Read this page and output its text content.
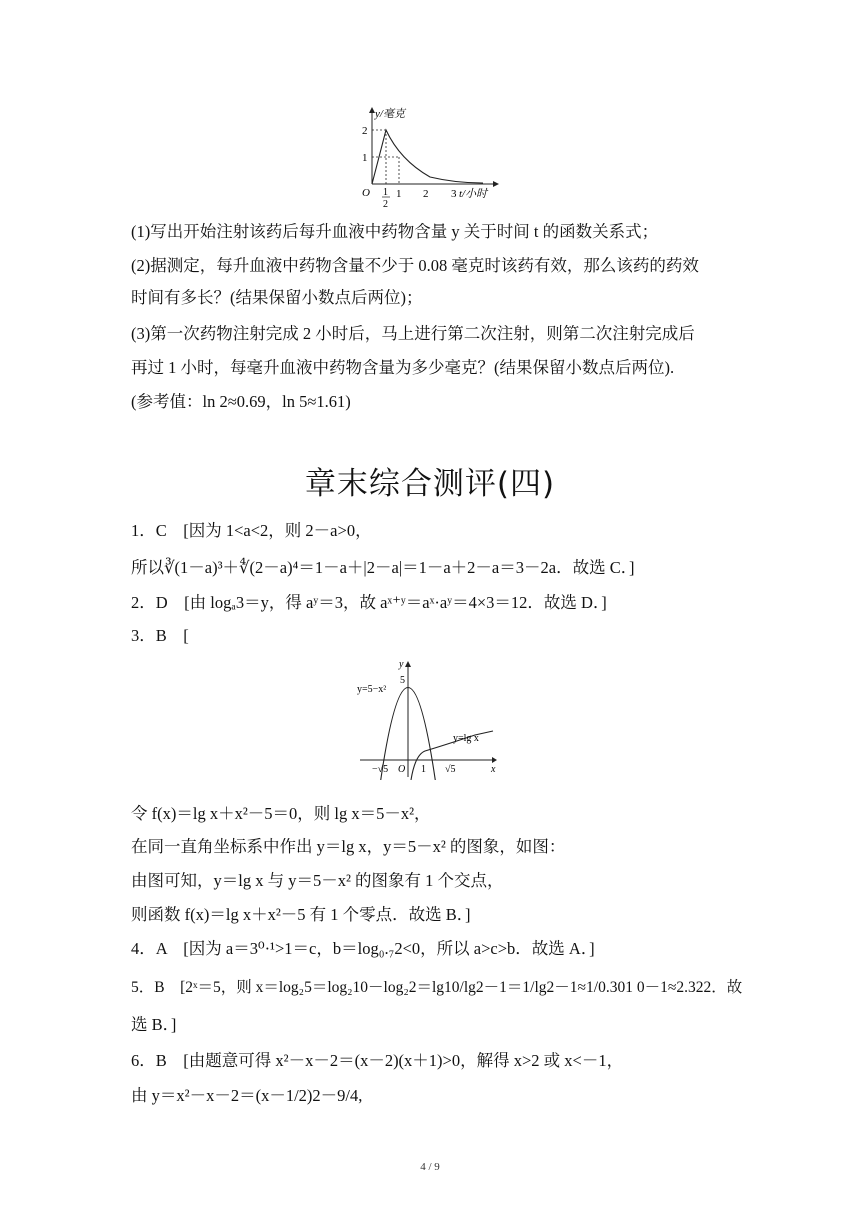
y/毫克
2
1
O 1
2
1 2 3 t/小时
(1)写出开始注射该药后每升血液中药物含量 y 关于时间 t 的函数关系式；
(2)据测定，每升血液中药物含量不少于 0.08 毫克时该药有效，那么该药的药效
时间有多长？(结果保留小数点后两位)；
(3)第一次药物注射完成 2 小时后，马上进行第二次注射，则第二次注射完成后
再过 1 小时，每毫升血液中药物含量为多少毫克？(结果保留小数点后两位).
(参考值：ln 2≈0.69，ln 5≈1.61)
章末综合测评(四)
1．C　[因为 1<a<2，则 2－a>0，
所以∛(1－a)³＋∜(2－a)⁴＝1－a＋|2－a|＝1－a＋2－a＝3－2a．故选 C．]
2．D　[由 logₐ3＝y，得 aʸ＝3，故 aˣ⁺ʸ＝aˣ·aʸ＝4×3＝12．故选 D．]
3．B　[
y
5
y=5−x²
y=lg x
−√5 O 1 √5	x
令 f(x)＝lg x＋x²－5＝0，则 lg x＝5－x²，
在同一直角坐标系中作出 y＝lg x，y＝5－x² 的图象，如图：
由图可知，y＝lg x 与 y＝5－x² 的图象有 1 个交点，
则函数 f(x)＝lg x＋x²－5 有 1 个零点．故选 B．]
4．A　[因为 a＝3⁰·¹>1＝c，b＝log₀.₇2<0，所以 a>c>b．故选 A．]
5．B　[2ˣ＝5，则 x＝log₂5＝log₂10－log₂2＝lg10/lg2－1＝1/lg2－1≈1/0.301 0－1≈2.322．故
选 B．]
6．B　[由题意可得 x²－x－2＝(x－2)(x＋1)>0，解得 x>2 或 x<－1，
由 y＝x²－x－2＝(x－1/2)2－9/4,
4 / 9
